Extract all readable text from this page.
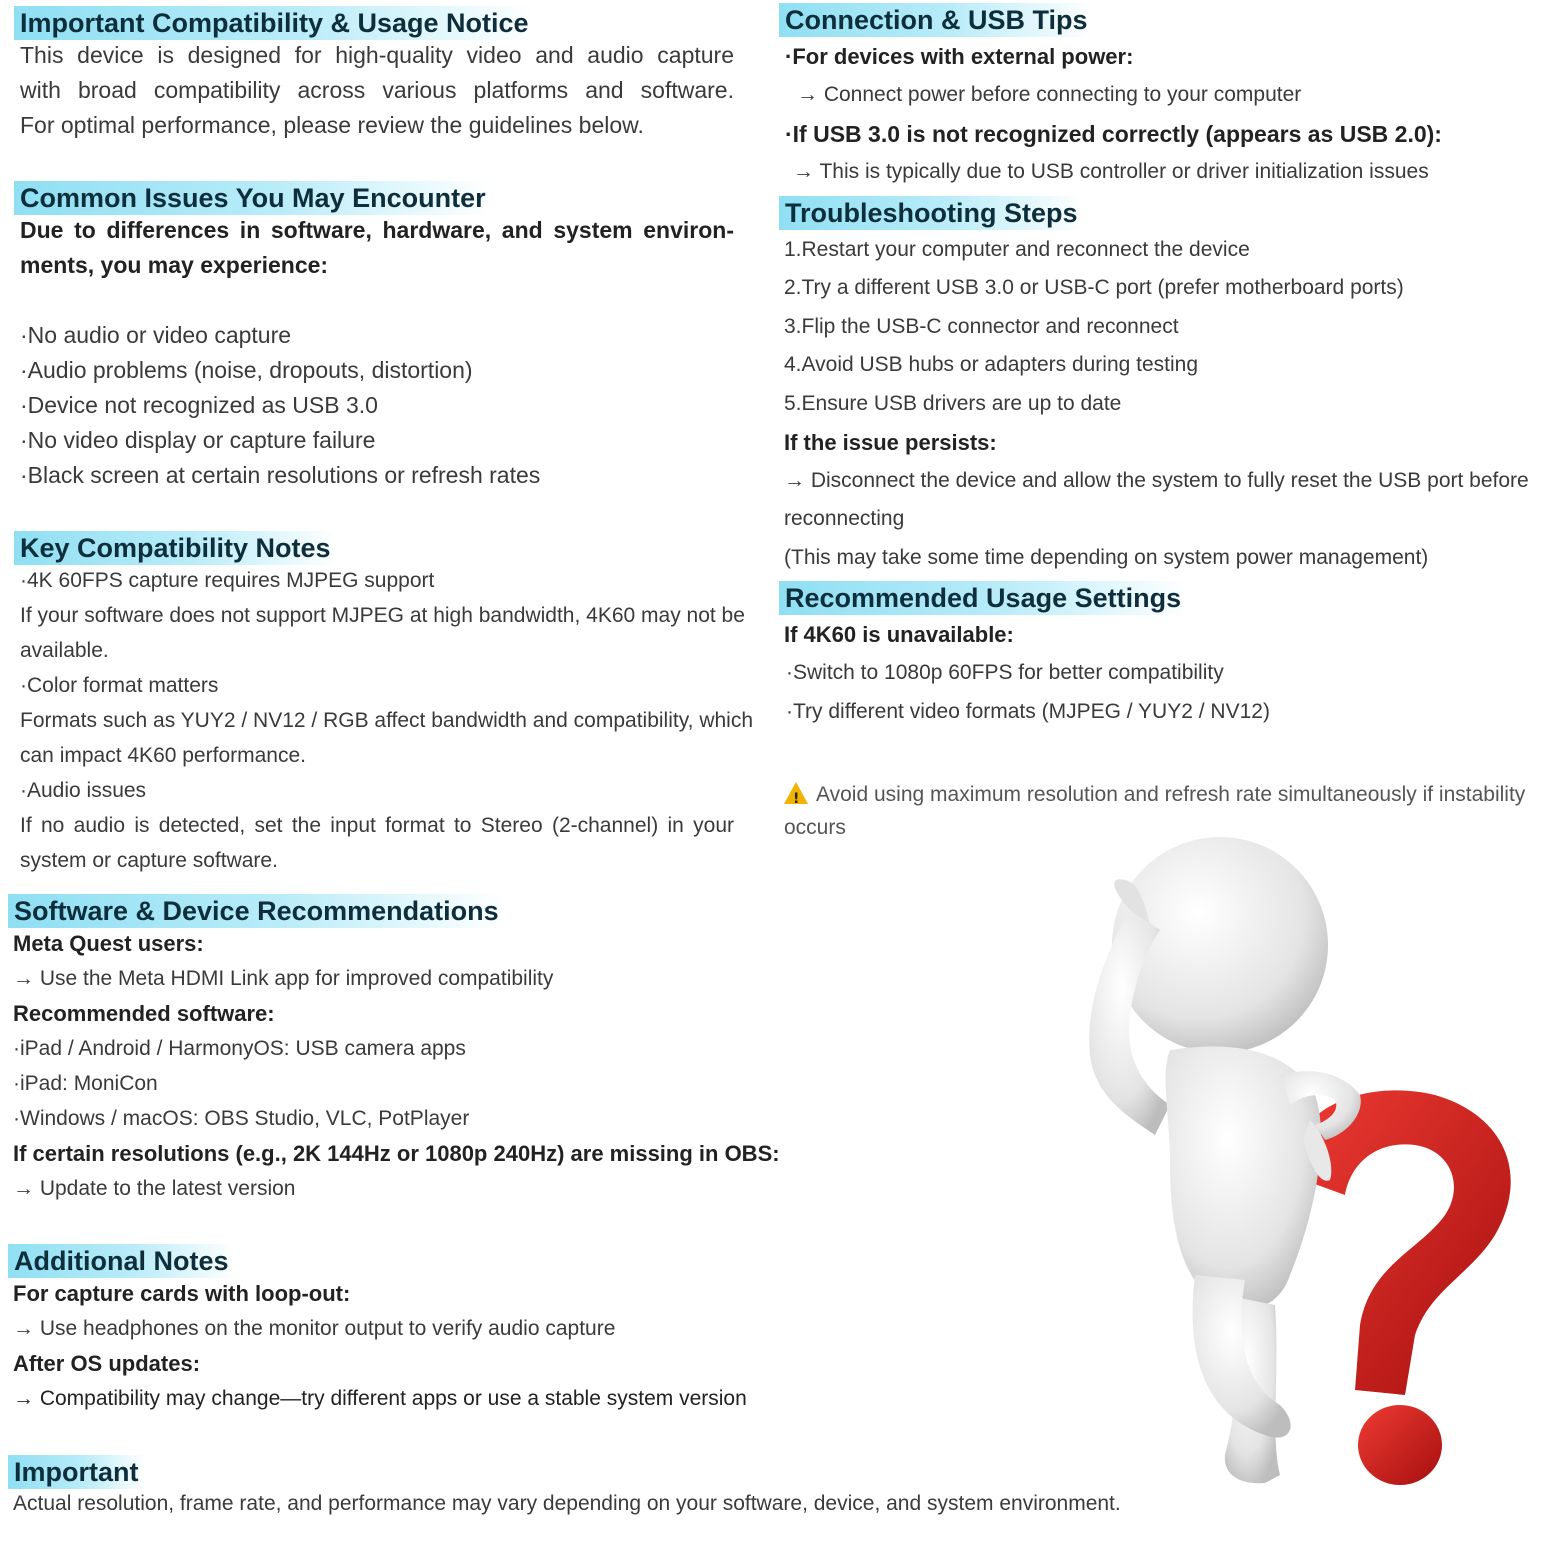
Important Compatibility & Usage Notice
This device is designed for high-quality video and audio capture
with broad compatibility across various platforms and software.
For optimal performance, please review the guidelines below.
Common Issues You May Encounter
Due to differences in software, hardware, and system environ-
ments, you may experience:
·No audio or video capture
·Audio problems (noise, dropouts, distortion)
·Device not recognized as USB 3.0
·No video display or capture failure
·Black screen at certain resolutions or refresh rates
Key Compatibility Notes
·4K 60FPS capture requires MJPEG support
If your software does not support MJPEG at high bandwidth, 4K60 may not be
available.
·Color format matters
Formats such as YUY2 / NV12 / RGB affect bandwidth and compatibility, which
can impact 4K60 performance.
·Audio issues
If no audio is detected, set the input format to Stereo (2-channel) in your
system or capture software.
Software & Device Recommendations
Meta Quest users:
→ Use the Meta HDMI Link app for improved compatibility
Recommended software:
·iPad / Android / HarmonyOS: USB camera apps
·iPad: MoniCon
·Windows / macOS: OBS Studio, VLC, PotPlayer
If certain resolutions (e.g., 2K 144Hz or 1080p 240Hz) are missing in OBS:
→ Update to the latest version
Additional Notes
For capture cards with loop-out:
→ Use headphones on the monitor output to verify audio capture
After OS updates:
→ Compatibility may change—try different apps or use a stable system version
Important
Actual resolution, frame rate, and performance may vary depending on your software, device, and system environment.
Connection & USB Tips
·For devices with external power:
→ Connect power before connecting to your computer
·If USB 3.0 is not recognized correctly (appears as USB 2.0):
→ This is typically due to USB controller or driver initialization issues
Troubleshooting Steps
1.Restart your computer and reconnect the device
2.Try a different USB 3.0 or USB-C port (prefer motherboard ports)
3.Flip the USB-C connector and reconnect
4.Avoid USB hubs or adapters during testing
5.Ensure USB drivers are up to date
If the issue persists:
→ Disconnect the device and allow the system to fully reset the USB port before
reconnecting
(This may take some time depending on system power management)
Recommended Usage Settings
If 4K60 is unavailable:
·Switch to 1080p 60FPS for better compatibility
·Try different video formats (MJPEG / YUY2 / NV12)
!Avoid using maximum resolution and refresh rate simultaneously if instability
occurs
